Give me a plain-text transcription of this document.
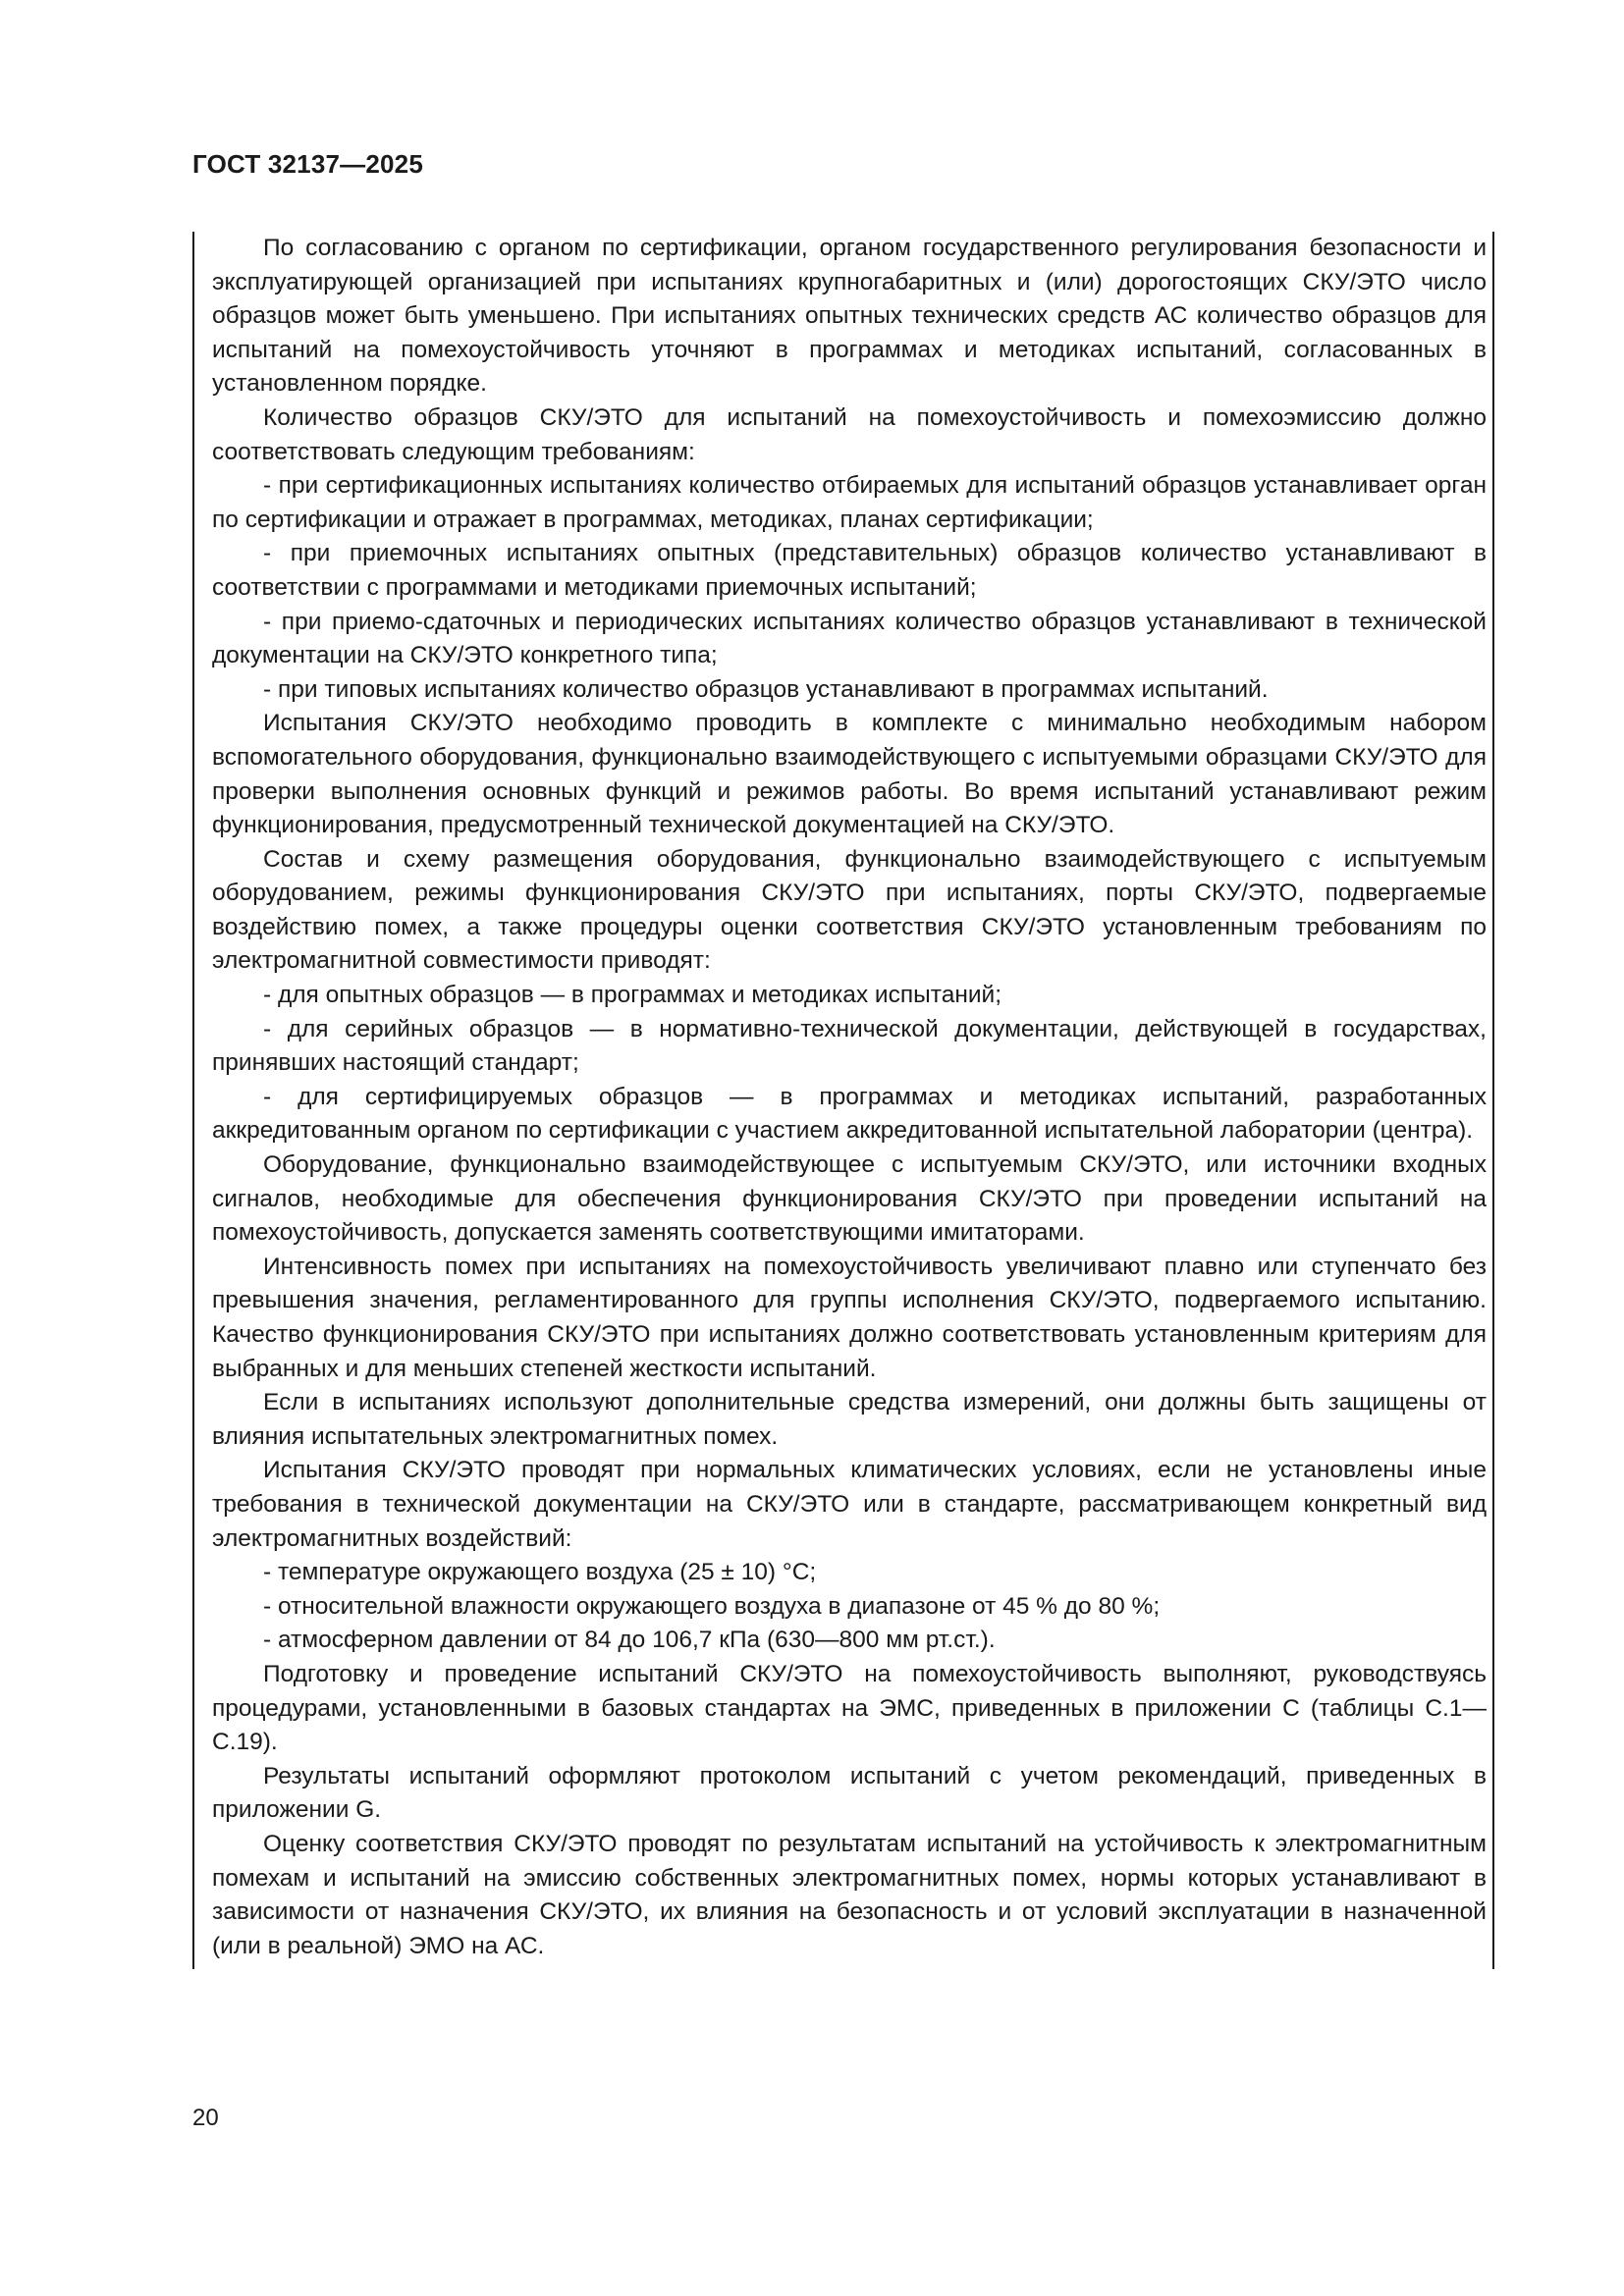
ГОСТ 32137—2025

По согласованию с органом по сертификации, органом государственного регулирования безопасности и эксплуатирующей организацией при испытаниях крупногабаритных и (или) дорогостоящих СКУ/ЭТО число образцов может быть уменьшено. При испытаниях опытных технических средств АС количество образцов для испытаний на помехоустойчивость уточняют в программах и методиках испытаний, согласованных в установленном порядке.

Количество образцов СКУ/ЭТО для испытаний на помехоустойчивость и помехоэмиссию должно соответствовать следующим требованиям:

- при сертификационных испытаниях количество отбираемых для испытаний образцов устанавливает орган по сертификации и отражает в программах, методиках, планах сертификации;

- при приемочных испытаниях опытных (представительных) образцов количество устанавливают в соответствии с программами и методиками приемочных испытаний;

- при приемо-сдаточных и периодических испытаниях количество образцов устанавливают в технической документации на СКУ/ЭТО конкретного типа;

- при типовых испытаниях количество образцов устанавливают в программах испытаний.

Испытания СКУ/ЭТО необходимо проводить в комплекте с минимально необходимым набором вспомогательного оборудования, функционально взаимодействующего с испытуемыми образцами СКУ/ЭТО для проверки выполнения основных функций и режимов работы. Во время испытаний устанавливают режим функционирования, предусмотренный технической документацией на СКУ/ЭТО.

Состав и схему размещения оборудования, функционально взаимодействующего с испытуемым оборудованием, режимы функционирования СКУ/ЭТО при испытаниях, порты СКУ/ЭТО, подвергаемые воздействию помех, а также процедуры оценки соответствия СКУ/ЭТО установленным требованиям по электромагнитной совместимости приводят:

- для опытных образцов — в программах и методиках испытаний;

- для серийных образцов — в нормативно-технической документации, действующей в государствах, принявших настоящий стандарт;

- для сертифицируемых образцов — в программах и методиках испытаний, разработанных аккредитованным органом по сертификации с участием аккредитованной испытательной лаборатории (центра).

Оборудование, функционально взаимодействующее с испытуемым СКУ/ЭТО, или источники входных сигналов, необходимые для обеспечения функционирования СКУ/ЭТО при проведении испытаний на помехоустойчивость, допускается заменять соответствующими имитаторами.

Интенсивность помех при испытаниях на помехоустойчивость увеличивают плавно или ступенчато без превышения значения, регламентированного для группы исполнения СКУ/ЭТО, подвергаемого испытанию. Качество функционирования СКУ/ЭТО при испытаниях должно соответствовать установленным критериям для выбранных и для меньших степеней жесткости испытаний.

Если в испытаниях используют дополнительные средства измерений, они должны быть защищены от влияния испытательных электромагнитных помех.

Испытания СКУ/ЭТО проводят при нормальных климатических условиях, если не установлены иные требования в технической документации на СКУ/ЭТО или в стандарте, рассматривающем конкретный вид электромагнитных воздействий:

- температуре окружающего воздуха (25 ± 10) °C;

- относительной влажности окружающего воздуха в диапазоне от 45 % до 80 %;

- атмосферном давлении от 84 до 106,7 кПа (630—800 мм рт.ст.).

Подготовку и проведение испытаний СКУ/ЭТО на помехоустойчивость выполняют, руководствуясь процедурами, установленными в базовых стандартах на ЭМС, приведенных в приложении С (таблицы С.1—С.19).

Результаты испытаний оформляют протоколом испытаний с учетом рекомендаций, приведенных в приложении G.

Оценку соответствия СКУ/ЭТО проводят по результатам испытаний на устойчивость к электромагнитным помехам и испытаний на эмиссию собственных электромагнитных помех, нормы которых устанавливают в зависимости от назначения СКУ/ЭТО, их влияния на безопасность и от условий эксплуатации в назначенной (или в реальной) ЭМО на АС.

20
